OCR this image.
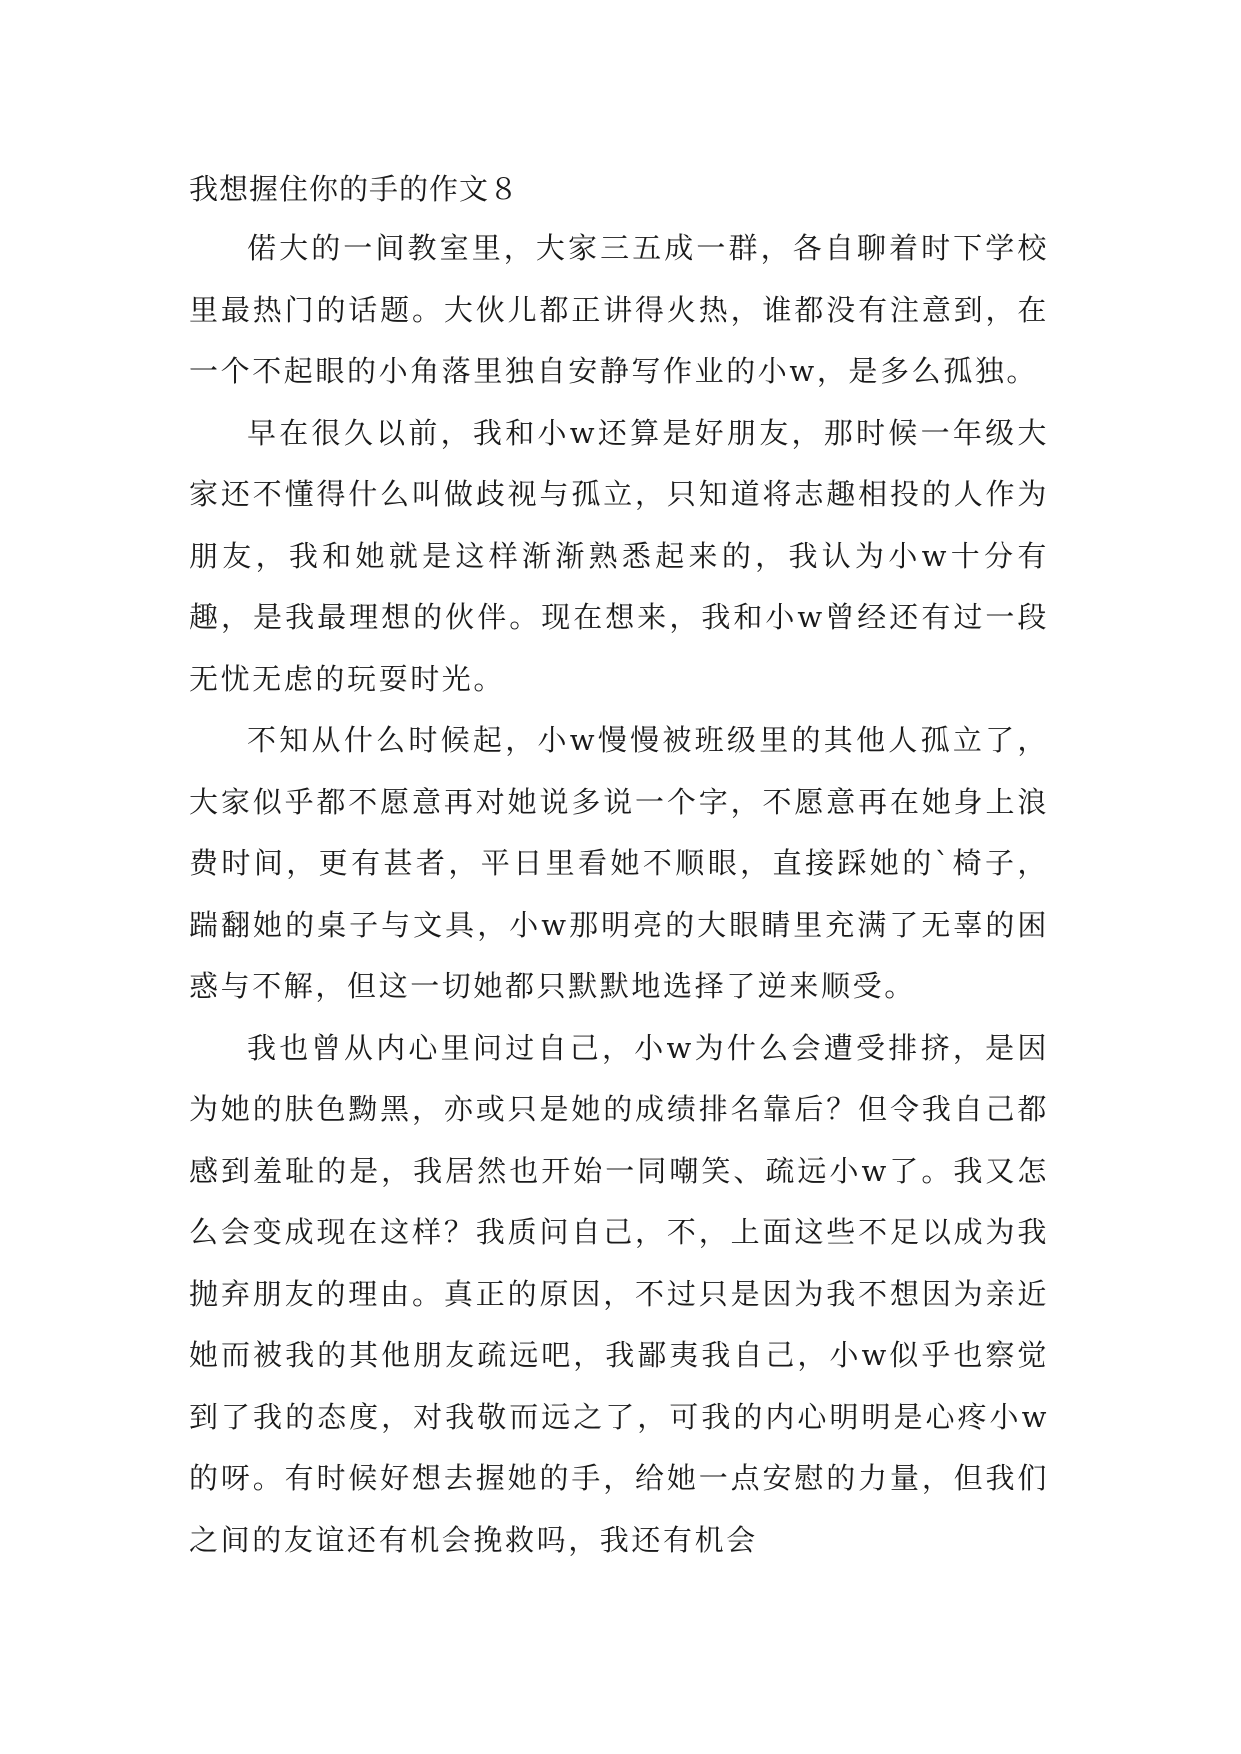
我想握住你的手的作文８

偌大的一间教室里，大家三五成一群，各自聊着时下学校里最热门的话题。大伙儿都正讲得火热，谁都没有注意到，在一个不起眼的小角落里独自安静写作业的小w，是多么孤独。

早在很久以前，我和小w还算是好朋友，那时候一年级大家还不懂得什么叫做歧视与孤立，只知道将志趣相投的人作为朋友，我和她就是这样渐渐熟悉起来的，我认为小w十分有趣，是我最理想的伙伴。现在想来，我和小w曾经还有过一段无忧无虑的玩耍时光。

不知从什么时候起，小w慢慢被班级里的其他人孤立了，大家似乎都不愿意再对她说多说一个字，不愿意再在她身上浪费时间，更有甚者，平日里看她不顺眼，直接踩她的`椅子，踹翻她的桌子与文具，小w那明亮的大眼睛里充满了无辜的困惑与不解，但这一切她都只默默地选择了逆来顺受。

我也曾从内心里问过自己，小w为什么会遭受排挤，是因为她的肤色黝黑，亦或只是她的成绩排名靠后？但令我自己都感到羞耻的是，我居然也开始一同嘲笑、疏远小w了。我又怎么会变成现在这样？我质问自己，不，上面这些不足以成为我抛弃朋友的理由。真正的原因，不过只是因为我不想因为亲近她而被我的其他朋友疏远吧，我鄙夷我自己，小w似乎也察觉到了我的态度，对我敬而远之了，可我的内心明明是心疼小w的呀。有时候好想去握她的手，给她一点安慰的力量，但我们之间的友谊还有机会挽救吗，我还有机会
